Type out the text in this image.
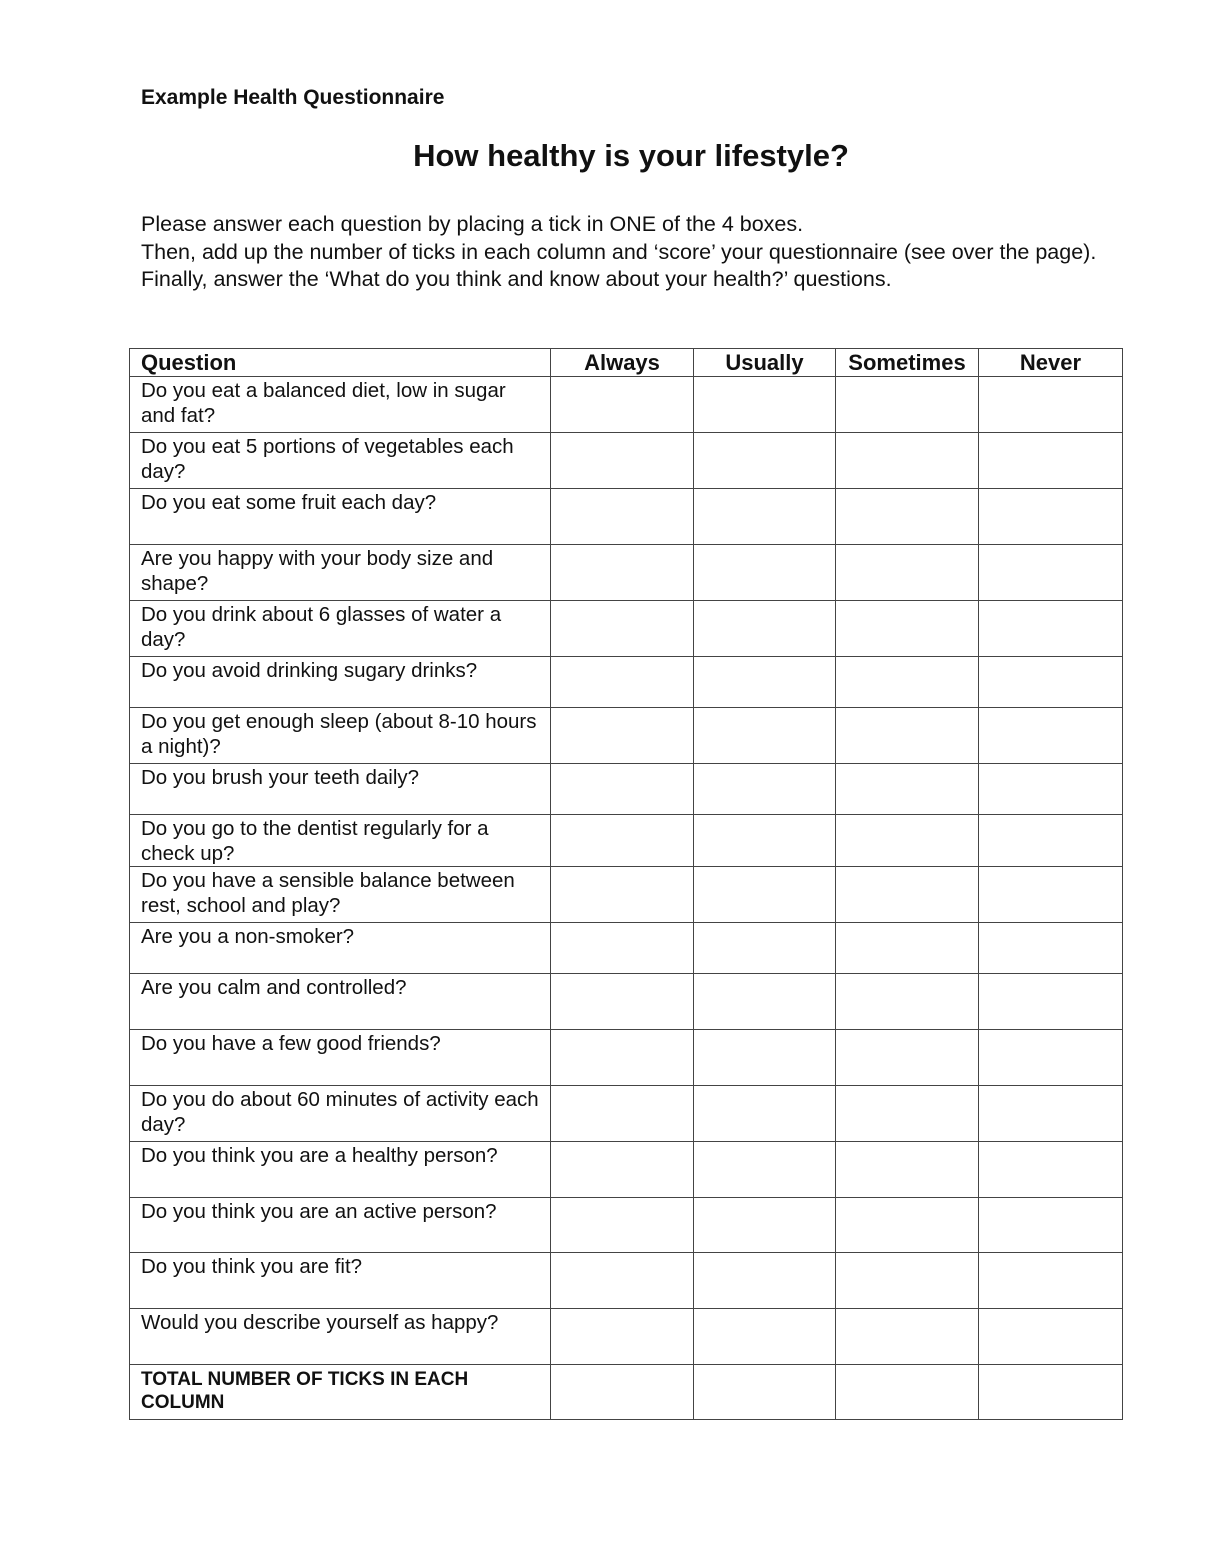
Example Health Questionnaire
How healthy is your lifestyle?

Please answer each question by placing a tick in ONE of the 4 boxes.

Then, add up the number of ticks in each column and ‘score’ your questionnaire (see over the page).

Finally, answer the ‘What do you think and know about your health?’ questions.

Question	Always	Usually	Sometimes	Never
Do you eat a balanced diet, low in sugar and fat?				
Do you eat 5 portions of vegetables each day?				
Do you eat some fruit each day?				
Are you happy with your body size and shape?				
Do you drink about 6 glasses of water a day?				
Do you avoid drinking sugary drinks?				
Do you get enough sleep (about 8-10 hours a night)?				
Do you brush your teeth daily?				
Do you go to the dentist regularly for a check up?				
Do you have a sensible balance between rest, school and play?				
Are you a non-smoker?				
Are you calm and controlled?				
Do you have a few good friends?				
Do you do about 60 minutes of activity each day?				
Do you think you are a healthy person?				
Do you think you are an active person?				
Do you think you are fit?				
Would you describe yourself as happy?				
TOTAL NUMBER OF TICKS IN EACH COLUMN				
